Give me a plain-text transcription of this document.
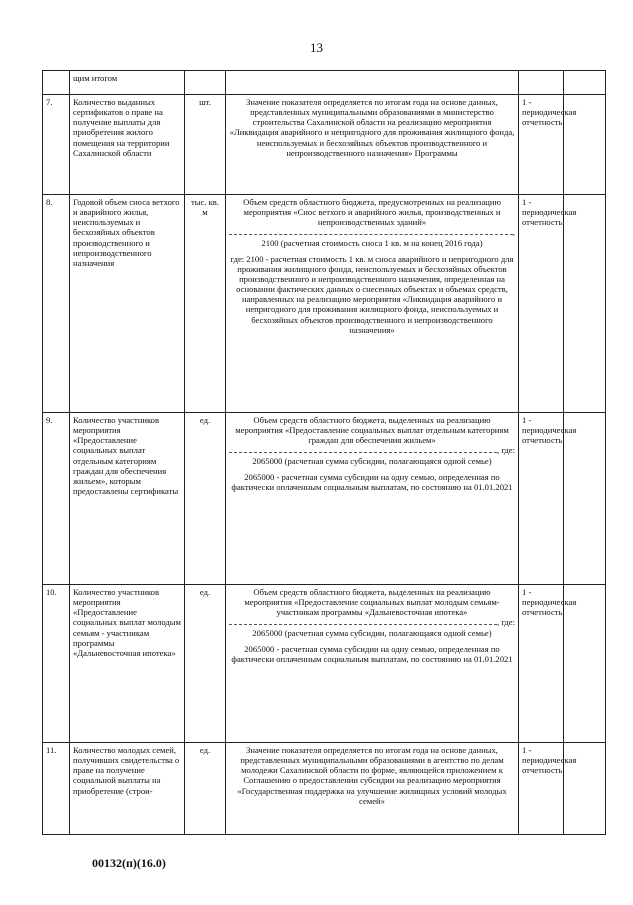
13
	щим итогом				
7.	Количество выданных сертификатов о праве на получение выплаты для приобретения жилого помещения на территории Сахалинской области	шт.	Значение показателя определяется по итогам года на основе данных, представленных муниципальными образованиями в министерство строительства Сахалинской области на реализацию мероприятия «Ликвидация аварийного и непригодного для проживания жилищного фонда, неиспользуемых и бесхозяйных объектов производственного и непроизводственного назначения» Программы	1 - периодическая отчетность	
8.	Годовой объем сноса ветхого и аварийного жилья, неиспользуемых и бесхозяйных объектов производственного и непроизводственного назначения	тыс. кв. м	Объем средств областного бюджета, предусмотренных на реализацию мероприятия «Снос ветхого и аварийного жилья, производственных и непроизводственных зданий»
,
2100 (расчетная стоимость сноса 1 кв. м на конец 2016 года)
где: 2100 - расчетная стоимость 1 кв. м сноса аварийного и непригодного для проживания жилищного фонда, неиспользуемых и бесхозяйных объектов производственного и непроизводственного назначения, определенная на основании фактических данных о снесенных объектах и объемах средств, направленных на реализацию мероприятия «Ликвидация аварийного и непригодного для проживания жилищного фонда, неиспользуемых и бесхозяйных объектов производственного и непроизводственного назначения»	1 - периодическая отчетность	
9.	Количество участников мероприятия «Предоставление социальных выплат отдельным категориям граждан для обеспечения жильем», которым предоставлены сертификаты	ед.	Объем средств областного бюджета, выделенных на реализацию мероприятия «Предоставление социальных выплат отдельным категориям граждан для обеспечения жильем»
, где:
2065000 (расчетная сумма субсидии, полагающаяся одной семье)
2065000 - расчетная сумма субсидии на одну семью, определенная по фактически оплаченным социальным выплатам, по состоянию на 01.01.2021	1 - периодическая отчетность	
10.	Количество участников мероприятия «Предоставление социальных выплат молодым семьям - участникам программы «Дальневосточная ипотека»	ед.	Объем средств областного бюджета, выделенных на реализацию мероприятия «Предоставление социальных выплат молодым семьям-участникам программы «Дальневосточная ипотека»
, где:
2065000 (расчетная сумма субсидии, полагающаяся одной семье)
2065000 - расчетная сумма субсидии на одну семью, определенная по фактически оплаченным социальным выплатам, по состоянию на 01.01.2021	1 - периодическая отчетность	
11.	Количество молодых семей, получивших свидетельства о праве на получение социальной выплаты на приобретение (строи-	ед.	Значение показателя определяется по итогам года на основе данных, представленных муниципальными образованиями в агентство по делам молодежи Сахалинской области по форме, являющейся приложением к Соглашению о предоставлении субсидии на реализацию мероприятия «Государственная поддержка на улучшение жилищных условий молодых семей»	1 - периодическая отчетность	
00132(п)(16.0)
